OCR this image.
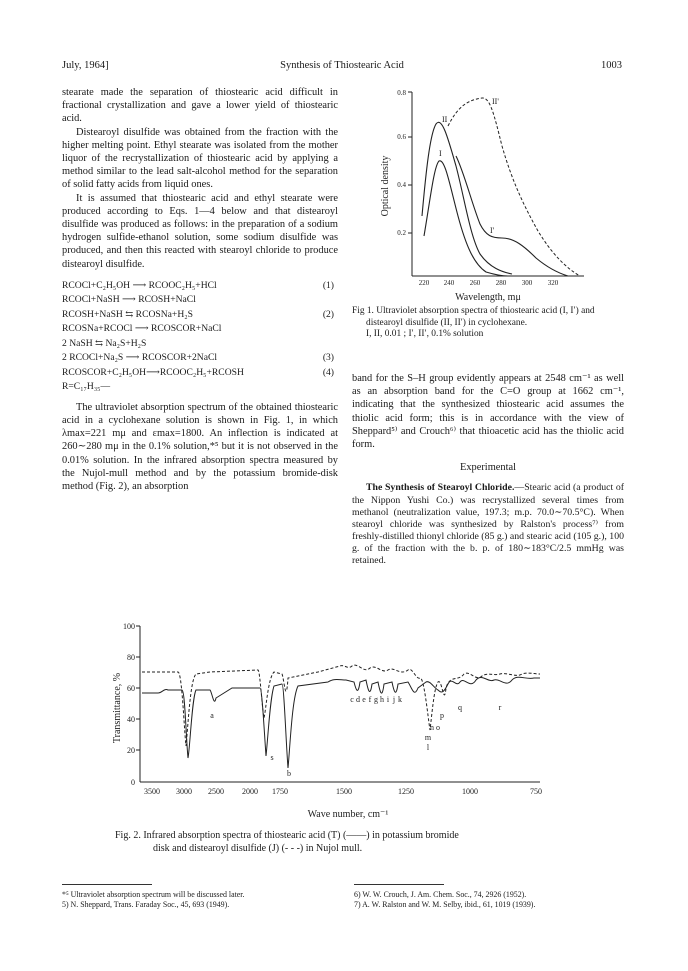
July, 1964]	Synthesis of Thiostearic Acid	1003

stearate made the separation of thiostearic acid difficult in fractional crystallization and gave a lower yield of thiostearic acid.

Distearoyl disulfide was obtained from the fraction with the higher melting point. Ethyl stearate was isolated from the mother liquor of the recrystallization of thiostearic acid by applying a method similar to the lead salt-alcohol method for the separation of solid fatty acids from liquid ones.

It is assumed that thiostearic acid and ethyl stearate were produced according to Eqs. 1—4 below and that distearoyl disulfide was produced as follows: in the preparation of a sodium hydrogen sulfide-ethanol solution, some sodium disulfide was produced, and then this reacted with stearoyl chloride to produce distearoyl disulfide.

RCOCl+C₂H₅OH ⟶ RCOOC₂H₅+HCl	(1)
RCOCl+NaSH ⟶ RCOSH+NaCl
RCOSH+NaSH ⇆ RCOSNa+H₂S	(2)
RCOSNa+RCOCl ⟶ RCOSCOR+NaCl
2 NaSH ⇆ Na₂S+H₂S
2 RCOCl+Na₂S ⟶ RCOSCOR+2NaCl	(3)
RCOSCOR+C₂H₅OH⟶RCOOC₂H₅+RCOSH	(4)
R=C₁₇H₃₅—

The ultraviolet absorption spectrum of the obtained thiostearic acid in a cyclohexane solution is shown in Fig. 1, in which λmax=221 mμ and εmax=1800. An inflection is indicated at 260∼280 mμ in the 0.1% solution,*⁵ but it is not observed in the 0.01% solution. In the infrared absorption spectra measured by the Nujol-mull method and by the potassium bromide-disk method (Fig. 2), an absorption

0.2
0.4
0.6
0.8
220 240 260 280 300 320
Optical density
Wavelength, mμ
II
I
II'
I'
Fig 1. Ultraviolet absorption spectra of thiostearic acid (I, I′) and distearoyl disulfide (II, II′) in cyclohexane.
I, II, 0.01 ; I′, II′, 0.1% solution

band for the S–H group evidently appears at 2548 cm⁻¹ as well as an absorption band for the C=O group at 1662 cm⁻¹, indicating that the synthesized thiostearic acid assumes the thiolic acid form; this is in accordance with the view of Sheppard⁵⁾ and Crouch⁶⁾ that thioacetic acid has the thiolic acid form.

Experimental

The Synthesis of Stearoyl Chloride.—Stearic acid (a product of the Nippon Yushi Co.) was recrystallized several times from methanol (neutralization value, 197.3; m.p. 70.0∼70.5°C). When stearoyl chloride was synthesized by Ralston's process⁷⁾ from freshly-distilled thionyl chloride (85 g.) and stearic acid (105 g.), 100 g. of the fraction with the b. p. of 180∼183°C/2.5 mmHg was retained.

0
20
40
60
80
100
3500 3000 2500 2000 1750	1500	1250	1000	750
Transmittance, %
Wave number, cm⁻¹
a
s
b
c d e f g h i j k
l
m
n o
p
q	r
Fig. 2. Infrared absorption spectra of thiostearic acid (T) (——) in potassium bromide
disk and distearoyl disulfide (J) (- - -) in Nujol mull.

*⁵ Ultraviolet absorption spectrum will be discussed later.

5) N. Sheppard, Trans. Faraday Soc., 45, 693 (1949).

6) W. W. Crouch, J. Am. Chem. Soc., 74, 2926 (1952).

7) A. W. Ralston and W. M. Selby, ibid., 61, 1019 (1939).
